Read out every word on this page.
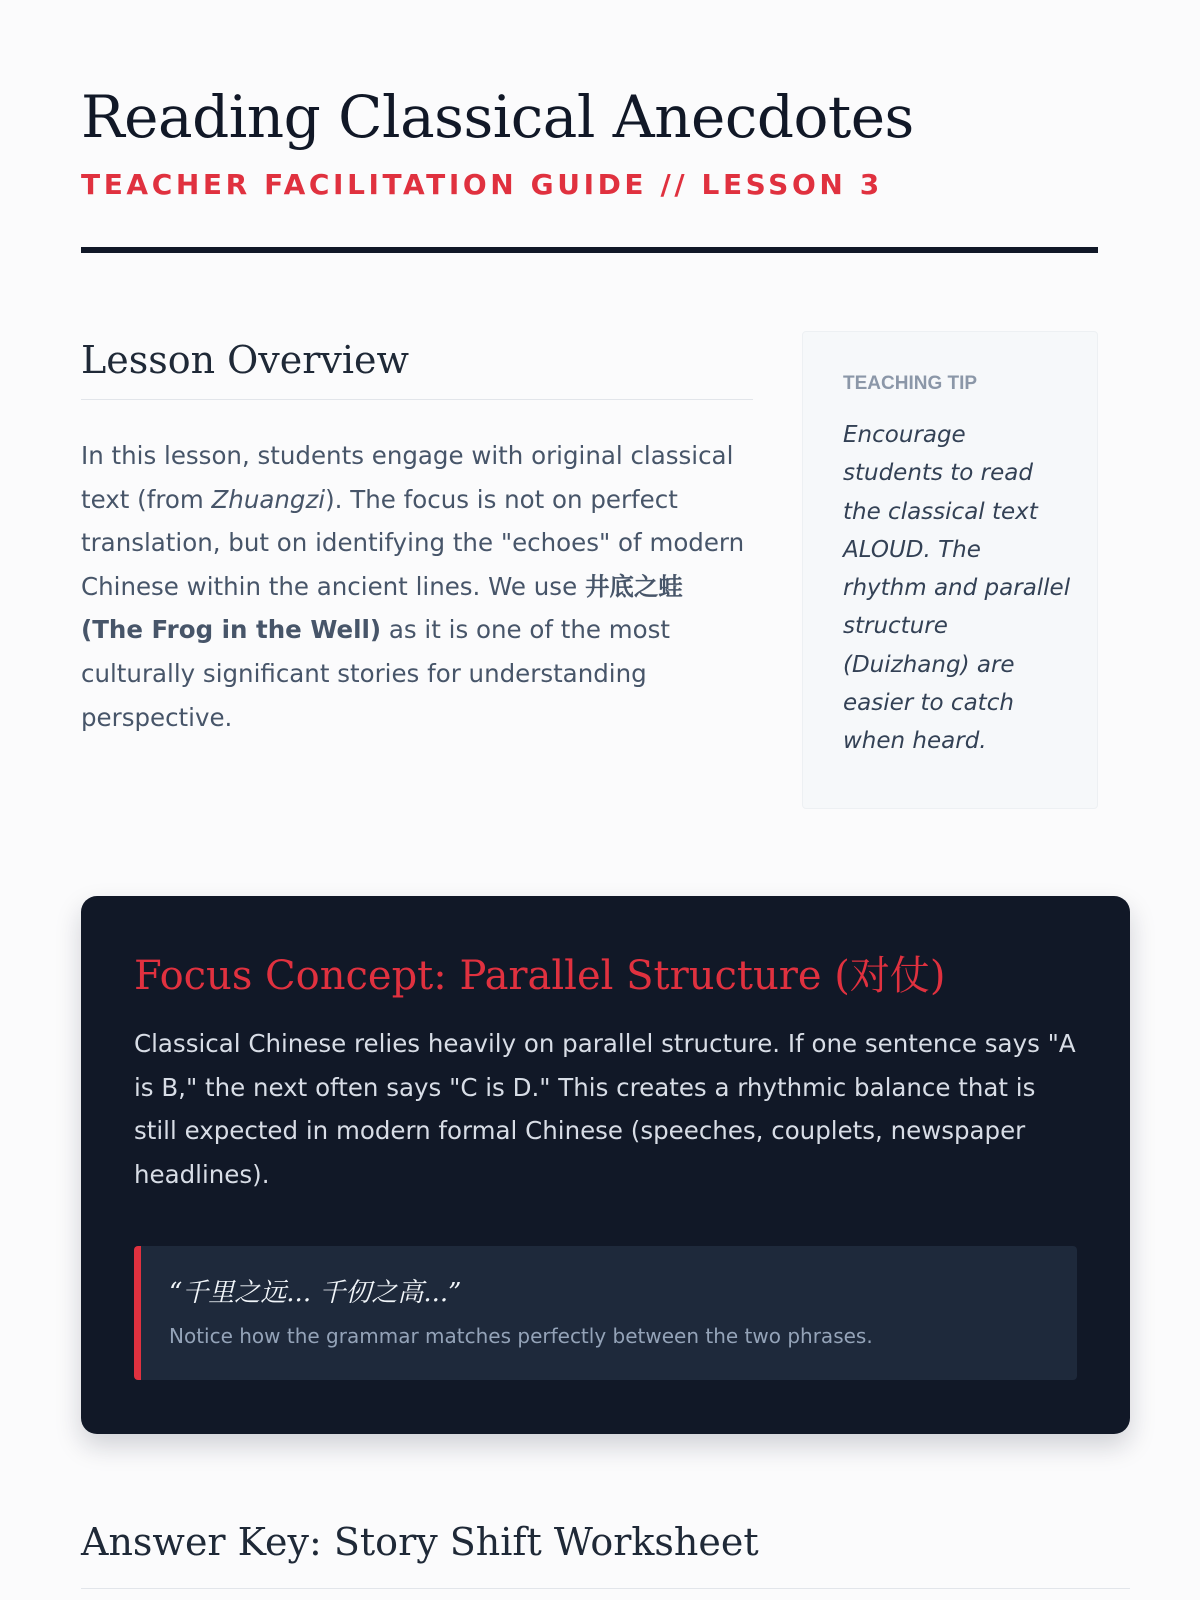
Reading Classical Anecdotes
TEACHER FACILITATION GUIDE // LESSON 3
Lesson Overview

In this lesson, students engage with original classical text (from Zhuangzi). The focus is not on perfect translation, but on identifying the "echoes" of modern Chinese within the ancient lines. We use 井底之蛙 (The Frog in the Well) as it is one of the most culturally significant stories for understanding perspective.

TEACHING TIP
Encourage students to read the classical text ALOUD. The rhythm and parallel structure (Duizhang) are easier to catch when heard.
Focus Concept: Parallel Structure (对仗)
Classical Chinese relies heavily on parallel structure. If one sentence says "A is B," the next often says "C is D." This creates a rhythmic balance that is still expected in modern formal Chinese (speeches, couplets, newspaper headlines).
“千里之远... 千仞之高...”
Notice how the grammar matches perfectly between the two phrases.
Answer Key: Story Shift Worksheet
